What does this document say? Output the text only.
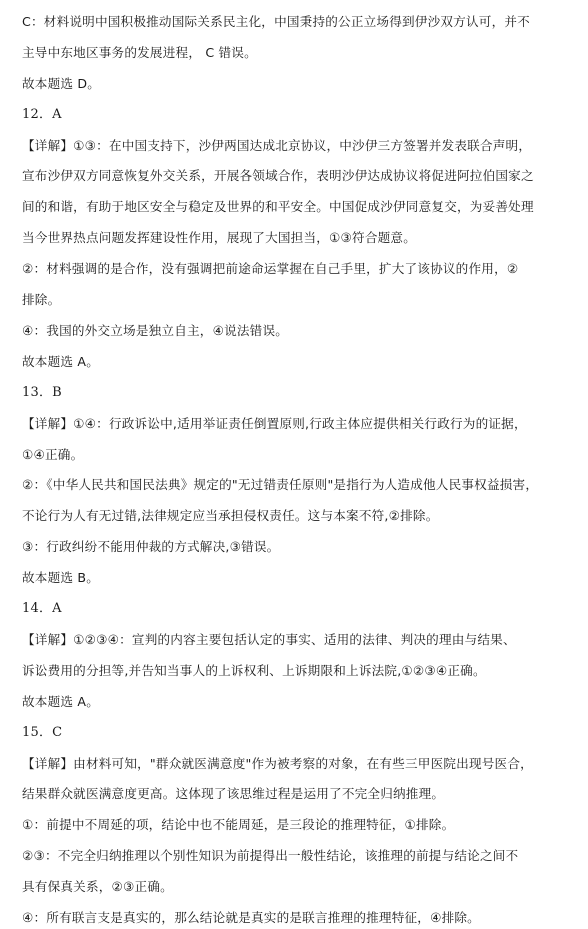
C：材料说明中国积极推动国际关系民主化，中国秉持的公正立场得到伊沙双方认可，并不
主导中东地区事务的发展进程， C 错误。
故本题选 D。
12．A
【详解】①③：在中国支持下，沙伊两国达成北京协议，中沙伊三方签署并发表联合声明，
宣布沙伊双方同意恢复外交关系，开展各领域合作，表明沙伊达成协议将促进阿拉伯国家之
间的和谐，有助于地区安全与稳定及世界的和平安全。中国促成沙伊同意复交，为妥善处理
当今世界热点问题发挥建设性作用，展现了大国担当，①③符合题意。
②：材料强调的是合作，没有强调把前途命运掌握在自己手里，扩大了该协议的作用，②
排除。
④：我国的外交立场是独立自主，④说法错误。
故本题选 A。
13．B
【详解】①④：行政诉讼中,适用举证责任倒置原则,行政主体应提供相关行政行为的证据，
①④正确。
②：《中华人民共和国民法典》规定的"无过错责任原则"是指行为人造成他人民事权益损害，
不论行为人有无过错,法律规定应当承担侵权责任。这与本案不符,②排除。
③：行政纠纷不能用仲裁的方式解决,③错误。
故本题选 B。
14．A
【详解】①②③④：宣判的内容主要包括认定的事实、适用的法律、判决的理由与结果、
诉讼费用的分担等,并告知当事人的上诉权利、上诉期限和上诉法院,①②③④正确。
故本题选 A。
15．C
【详解】由材料可知，"群众就医满意度"作为被考察的对象，在有些三甲医院出现号医合，
结果群众就医满意度更高。这体现了该思维过程是运用了不完全归纳推理。
①：前提中不周延的项，结论中也不能周延，是三段论的推理特征，①排除。
②③：不完全归纳推理以个别性知识为前提得出一般性结论，该推理的前提与结论之间不
具有保真关系，②③正确。
④：所有联言支是真实的，那么结论就是真实的是联言推理的推理特征，④排除。
